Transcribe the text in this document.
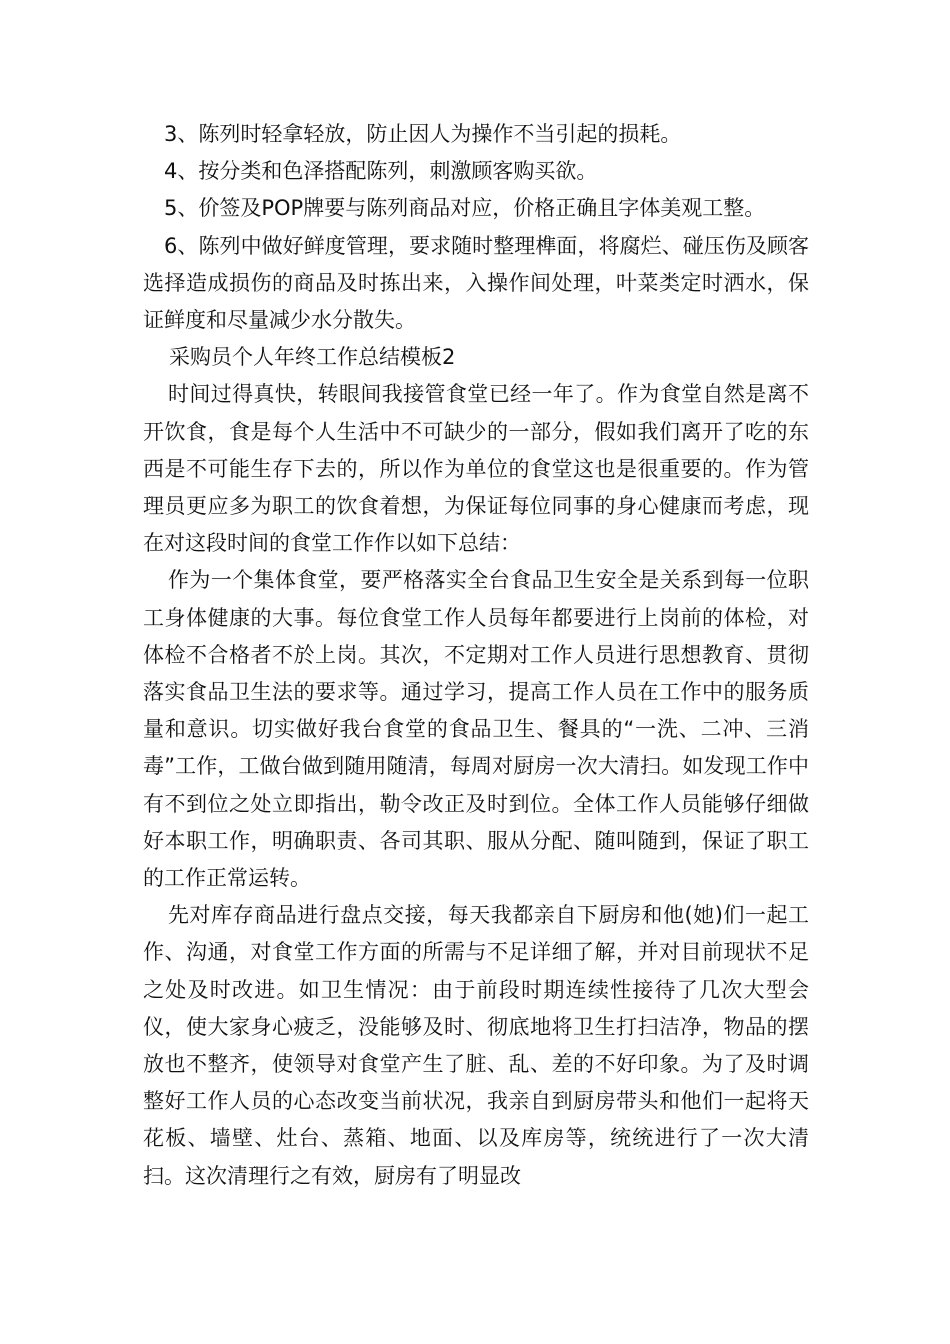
3、陈列时轻拿轻放，防止因人为操作不当引起的损耗。

4、按分类和色泽搭配陈列，刺激顾客购买欲。

5、价签及POP牌要与陈列商品对应，价格正确且字体美观工整。

6、陈列中做好鲜度管理，要求随时整理榫面，将腐烂、碰压伤及顾客选择造成损伤的商品及时拣出来，入操作间处理，叶菜类定时洒水，保证鲜度和尽量减少水分散失。

采购员个人年终工作总结模板2

时间过得真快，转眼间我接管食堂已经一年了。作为食堂自然是离不开饮食，食是每个人生活中不可缺少的一部分，假如我们离开了吃的东西是不可能生存下去的，所以作为单位的食堂这也是很重要的。作为管理员更应多为职工的饮食着想，为保证每位同事的身心健康而考虑，现在对这段时间的食堂工作作以如下总结：

作为一个集体食堂，要严格落实全台食品卫生安全是关系到每一位职工身体健康的大事。每位食堂工作人员每年都要进行上岗前的体检，对体检不合格者不於上岗。其次，不定期对工作人员进行思想教育、贯彻落实食品卫生法的要求等。通过学习，提高工作人员在工作中的服务质量和意识。切实做好我台食堂的食品卫生、餐具的“一洗、二冲、三消毒”工作，工做台做到随用随清，每周对厨房一次大清扫。如发现工作中有不到位之处立即指出，勒令改正及时到位。全体工作人员能够仔细做好本职工作，明确职责、各司其职、服从分配、随叫随到，保证了职工的工作正常运转。

先对库存商品进行盘点交接，每天我都亲自下厨房和他(她)们一起工作、沟通，对食堂工作方面的所需与不足详细了解，并对目前现状不足之处及时改进。如卫生情况：由于前段时期连续性接待了几次大型会仪，使大家身心疲乏，没能够及时、彻底地将卫生打扫洁净，物品的摆放也不整齐，使领导对食堂产生了脏、乱、差的不好印象。为了及时调整好工作人员的心态改变当前状况，我亲自到厨房带头和他们一起将天花板、墙壁、灶台、蒸箱、地面、以及库房等，统统进行了一次大清扫。这次清理行之有效，厨房有了明显改
